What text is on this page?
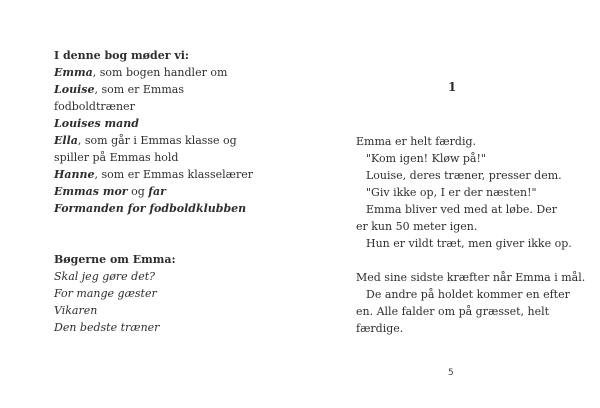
I denne bog møder vi:
Emma, som bogen handler om
Louise, som er Emmas
fodboldtræner
Louises mand
Ella, som går i Emmas klasse og
spiller på Emmas hold
Hanne, som er Emmas klasselærer
Emmas mor og far
Formanden for fodboldklubben
Bøgerne om Emma:
Skal jeg gøre det?
For mange gæster
Vikaren
Den bedste træner
1
Emma er helt færdig.
"Kom igen! Kløw på!"
Louise, deres træner, presser dem.
"Giv ikke op, I er der næsten!"
Emma bliver ved med at løbe. Der
er kun 50 meter igen.
Hun er vildt træt, men giver ikke op.
Med sine sidste kræfter når Emma i mål.
De andre på holdet kommer en efter
en. Alle falder om på græsset, helt
færdige.
5
